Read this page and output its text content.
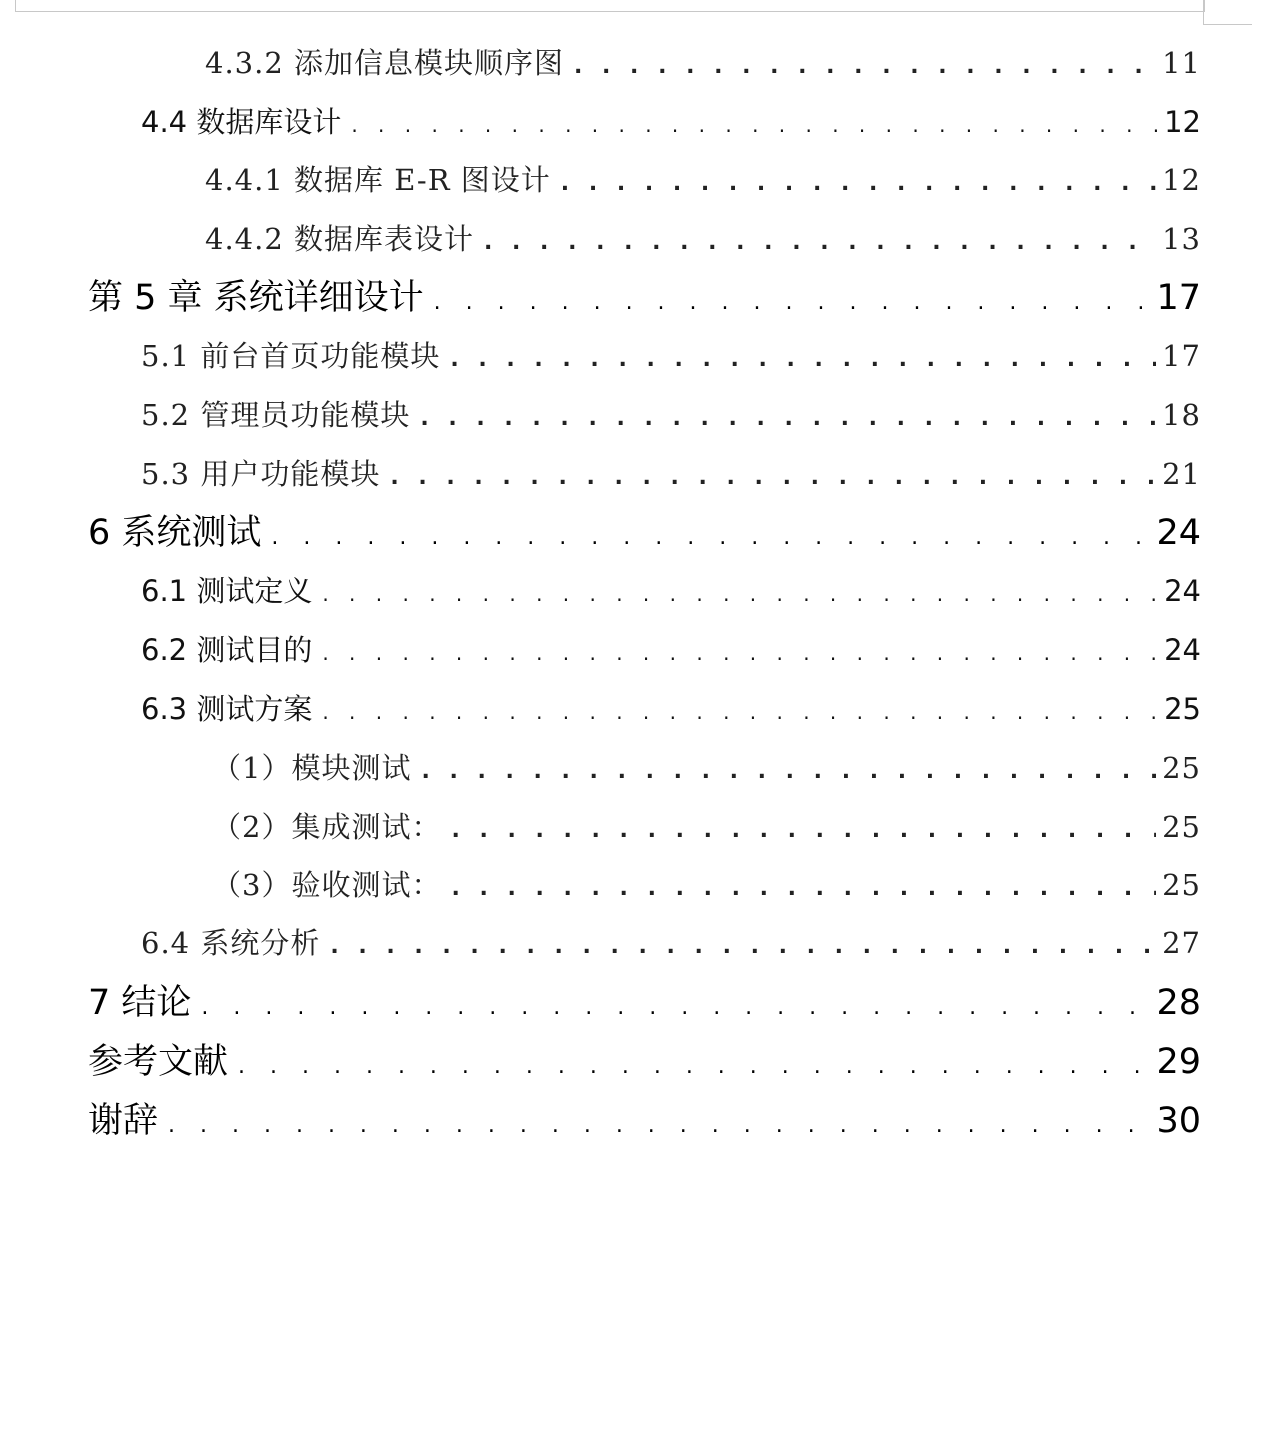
4.3.2 添加信息模块顺序图 . . .	11
4.4 数据库设计 . . .	12
4.4.1 数据库 E-R 图设计 . . .	12
4.4.2 数据库表设计 . . .	13
第 5 章 系统详细设计 . . .	17
5.1 前台首页功能模块 . . .	17
5.2 管理员功能模块 . . .	18
5.3 用户功能模块 . . .	21
6 系统测试 . . .	24
6.1 测试定义 . . .	24
6.2 测试目的 . . .	24
6.3 测试方案 . . .	25
（1）模块测试 . . .	25
（2）集成测试： . . .	25
（3）验收测试： . . .	25
6.4 系统分析 . . .	27
7 结论 . . .	28
参考文献 . . .	29
谢辞 . . .	30
